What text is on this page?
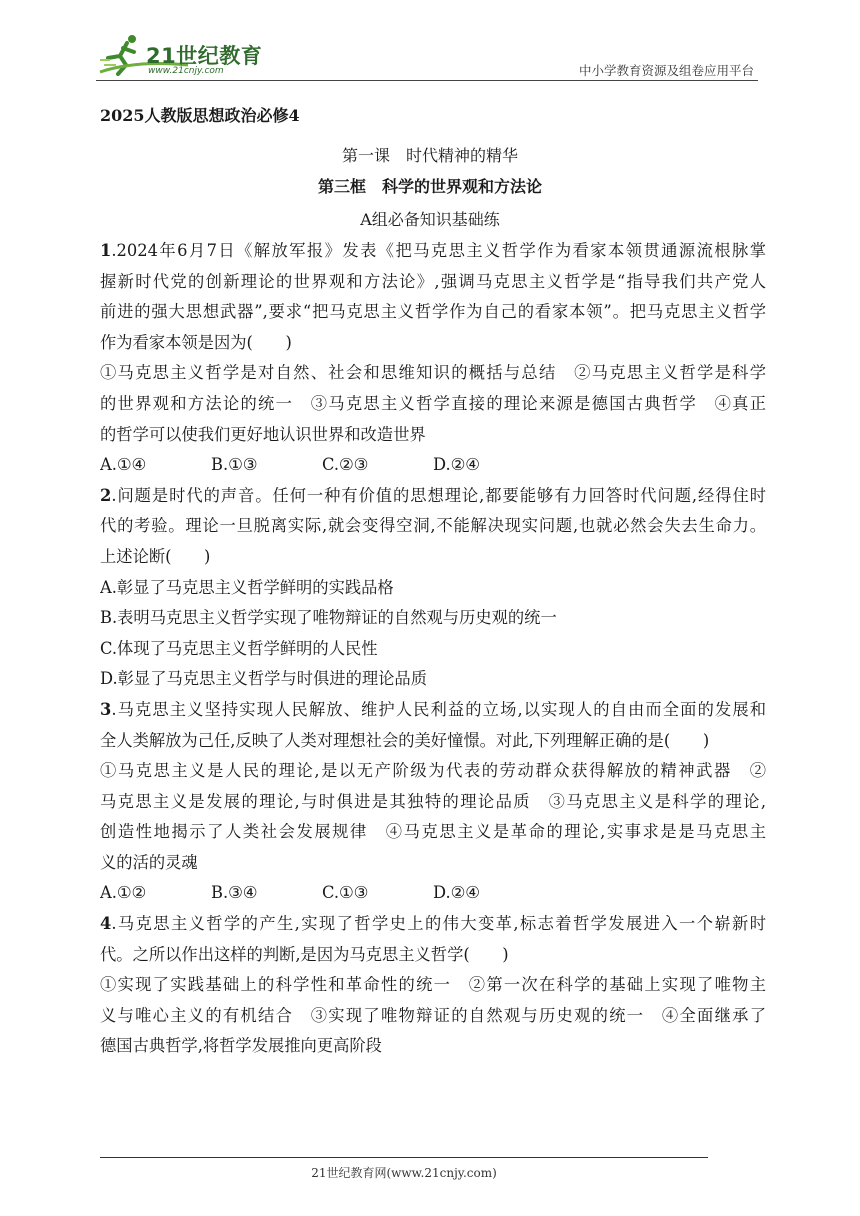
21世纪教育
www.21cnjy.com	中小学教育资源及组卷应用平台
2025人教版思想政治必修4
第一课　时代精神的精华
第三框　科学的世界观和方法论
A组必备知识基础练
1.2024年6月7日《解放军报》发表《把马克思主义哲学作为看家本领贯通源流根脉掌
握新时代党的创新理论的世界观和方法论》,强调马克思主义哲学是“指导我们共产党人
前进的强大思想武器”,要求“把马克思主义哲学作为自己的看家本领”。把马克思主义哲学
作为看家本领是因为(　　)
①马克思主义哲学是对自然、社会和思维知识的概括与总结　②马克思主义哲学是科学
的世界观和方法论的统一　③马克思主义哲学直接的理论来源是德国古典哲学　④真正
的哲学可以使我们更好地认识世界和改造世界
A.①④	B.①③	C.②③	D.②④
2.问题是时代的声音。任何一种有价值的思想理论,都要能够有力回答时代问题,经得住时
代的考验。理论一旦脱离实际,就会变得空洞,不能解决现实问题,也就必然会失去生命力。
上述论断(　　)
A.彰显了马克思主义哲学鲜明的实践品格
B.表明马克思主义哲学实现了唯物辩证的自然观与历史观的统一
C.体现了马克思主义哲学鲜明的人民性
D.彰显了马克思主义哲学与时俱进的理论品质
3.马克思主义坚持实现人民解放、维护人民利益的立场,以实现人的自由而全面的发展和
全人类解放为己任,反映了人类对理想社会的美好憧憬。对此,下列理解正确的是(　　)
①马克思主义是人民的理论,是以无产阶级为代表的劳动群众获得解放的精神武器　②
马克思主义是发展的理论,与时俱进是其独特的理论品质　③马克思主义是科学的理论,
创造性地揭示了人类社会发展规律　④马克思主义是革命的理论,实事求是是马克思主
义的活的灵魂
A.①②	B.③④	C.①③	D.②④
4.马克思主义哲学的产生,实现了哲学史上的伟大变革,标志着哲学发展进入一个崭新时
代。之所以作出这样的判断,是因为马克思主义哲学(　　)
①实现了实践基础上的科学性和革命性的统一　②第一次在科学的基础上实现了唯物主
义与唯心主义的有机结合　③实现了唯物辩证的自然观与历史观的统一　④全面继承了
德国古典哲学,将哲学发展推向更高阶段
21世纪教育网(www.21cnjy.com)
